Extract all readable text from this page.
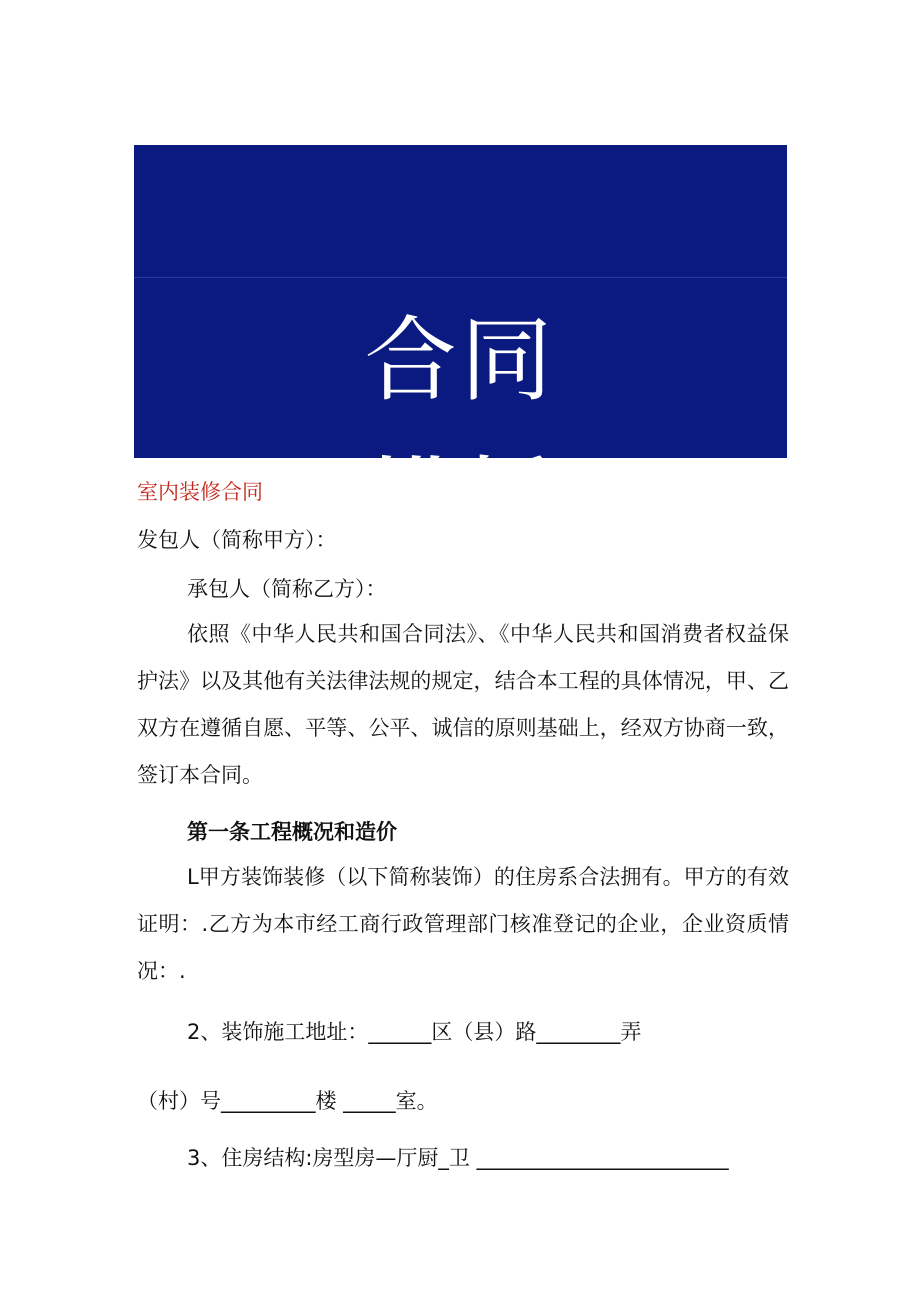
合同
模板
室内装修合同
发包人（简称甲方）：
承包人（简称乙方）：

依照《中华人民共和国合同法》、《中华人民共和国消费者权益保护法》以及其他有关法律法规的规定，结合本工程的具体情况，甲、乙双方在遵循自愿、平等、公平、诚信的原则基础上，经双方协商一致，签订本合同。

第一条工程概况和造价

L甲方装饰装修（以下简称装饰）的住房系合法拥有。甲方的有效证明：.乙方为本市经工商行政管理部门核准登记的企业，企业资质情况：.

2、装饰施工地址：______区（县）路________弄
（村）号_________楼 _____室。
3、住房结构:房型房—厅厨_卫 ________________________
